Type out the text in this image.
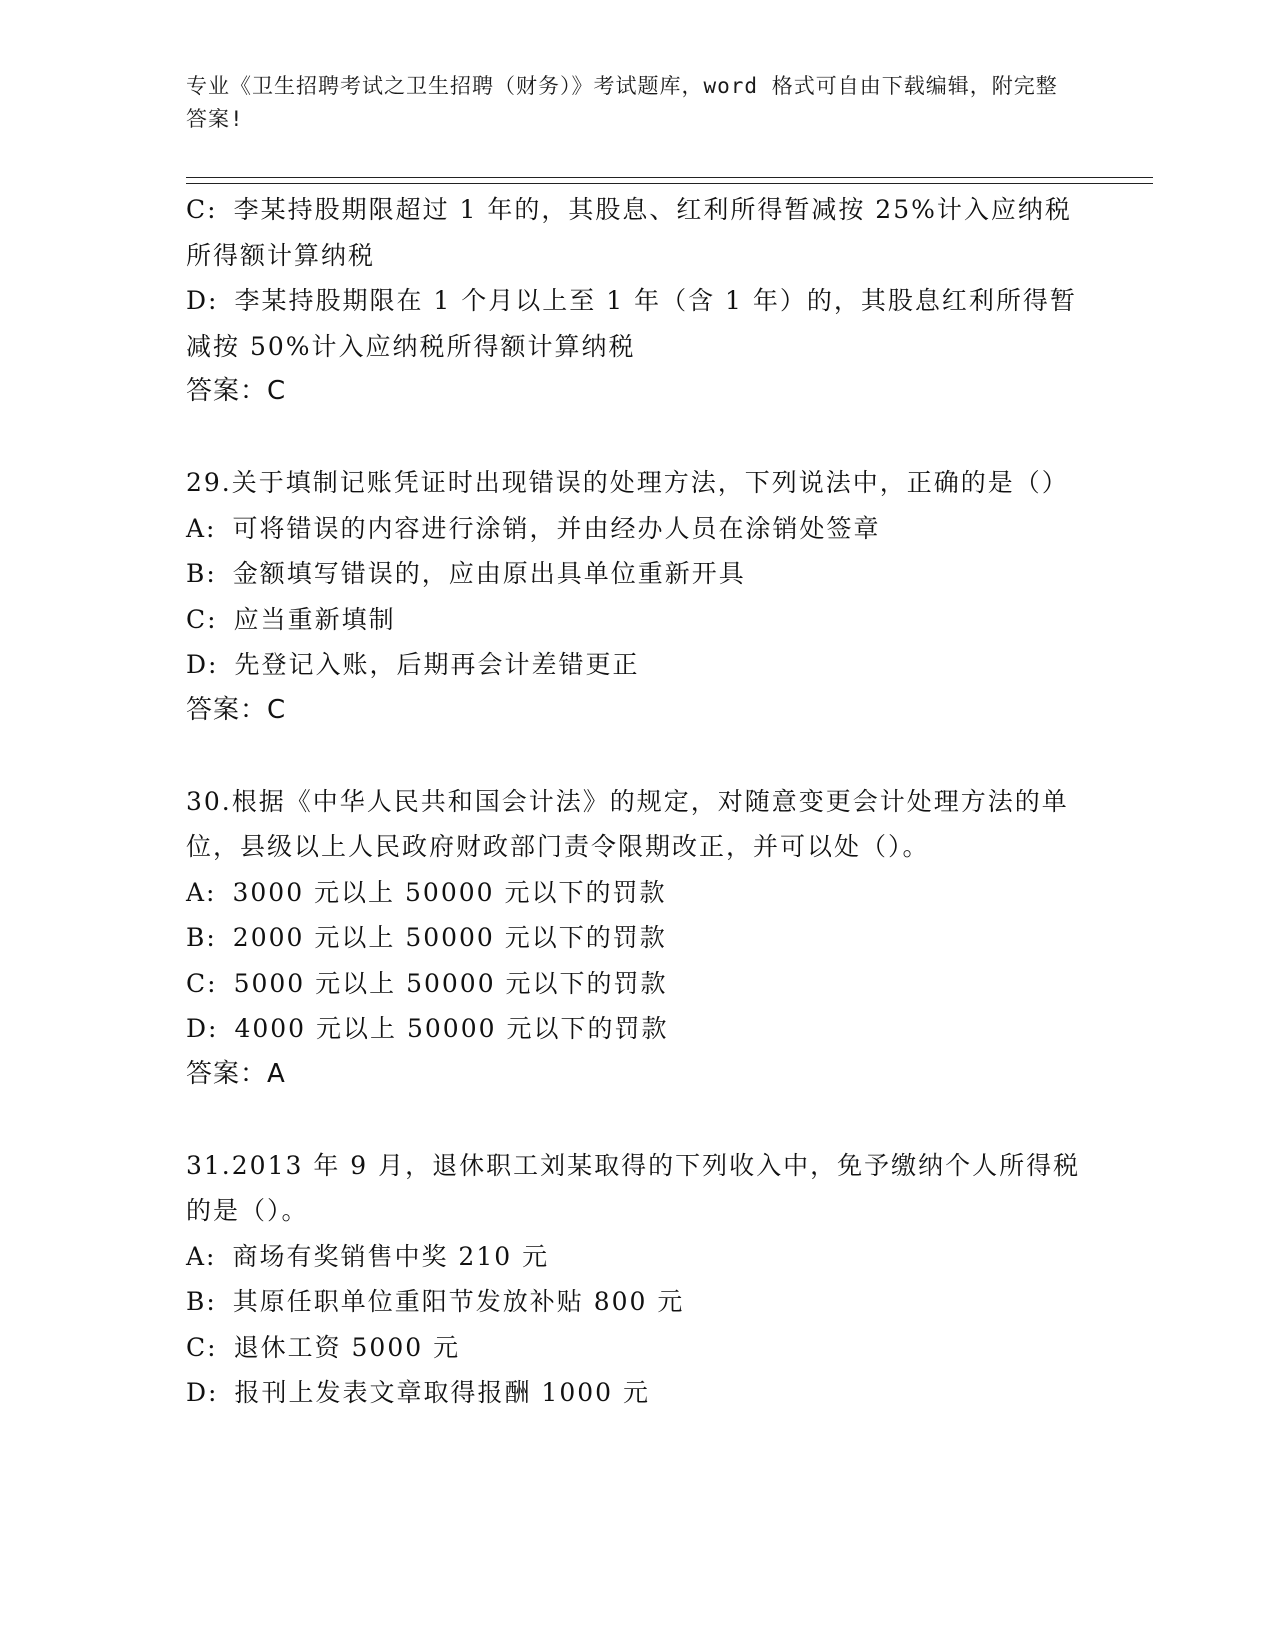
专业《卫生招聘考试之卫生招聘（财务）》考试题库，word 格式可自由下载编辑，附完整答案!

C: 李某持股期限超过 1 年的，其股息、红利所得暂减按 25%计入应纳税所得额计算纳税

D: 李某持股期限在 1 个月以上至 1 年（含 1 年）的，其股息红利所得暂减按 50%计入应纳税所得额计算纳税

答案：C

29.关于填制记账凭证时出现错误的处理方法，下列说法中，正确的是（）

A: 可将错误的内容进行涂销，并由经办人员在涂销处签章

B: 金额填写错误的，应由原出具单位重新开具

C: 应当重新填制

D: 先登记入账，后期再会计差错更正

答案：C

30.根据《中华人民共和国会计法》的规定，对随意变更会计处理方法的单位，县级以上人民政府财政部门责令限期改正，并可以处（）。

A: 3000 元以上 50000 元以下的罚款

B: 2000 元以上 50000 元以下的罚款

C: 5000 元以上 50000 元以下的罚款

D: 4000 元以上 50000 元以下的罚款

答案：A

31.2013 年 9 月，退休职工刘某取得的下列收入中，免予缴纳个人所得税的是（）。

A: 商场有奖销售中奖 210 元

B: 其原任职单位重阳节发放补贴 800 元

C: 退休工资 5000 元

D: 报刊上发表文章取得报酬 1000 元
